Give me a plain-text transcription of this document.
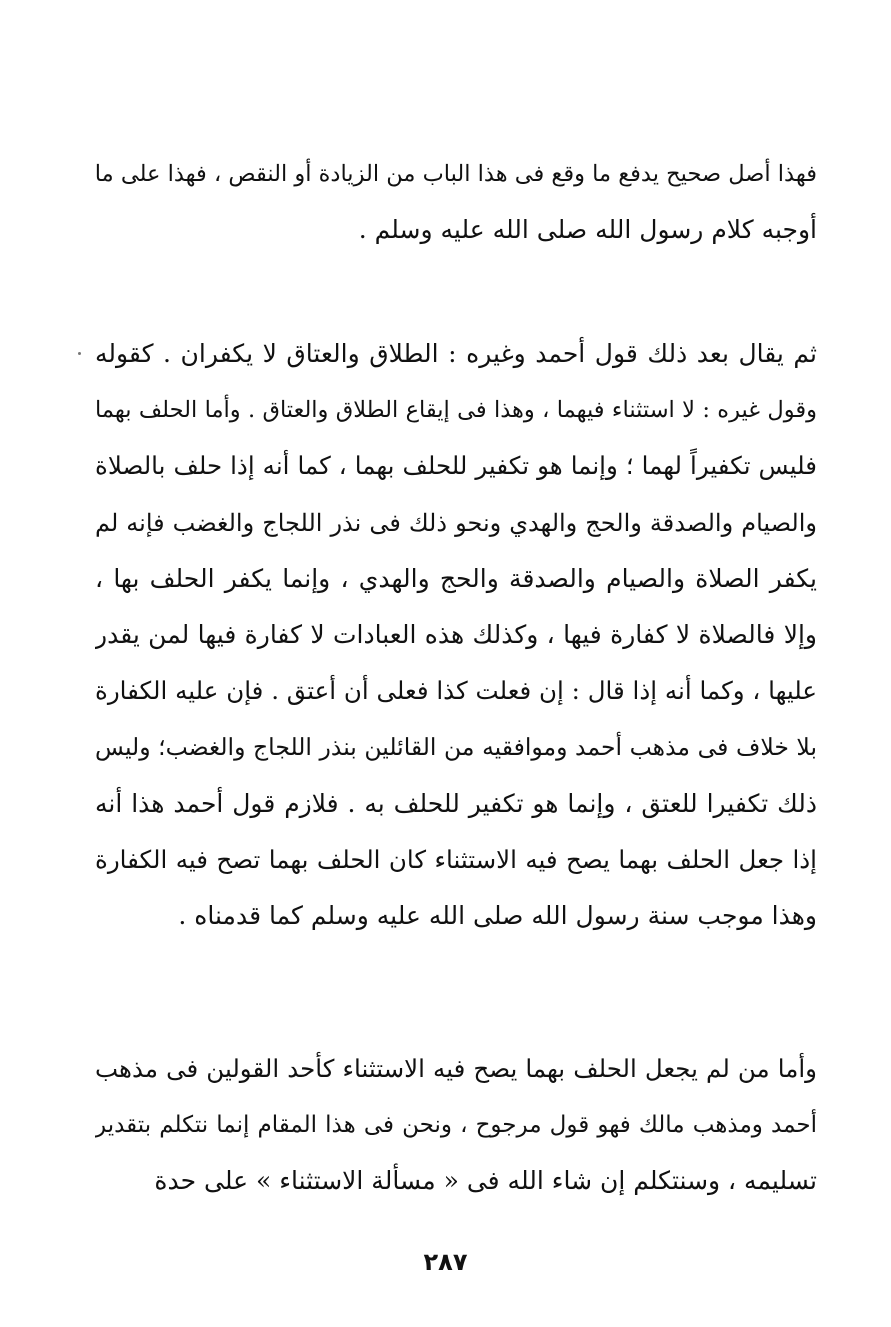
فهذا أصل صحيح يدفع ما وقع فى هذا الباب من الزيادة أو النقص ، فهذا على ما
أوجبه كلام رسول الله صلى الله عليه وسلم .
ثم يقال بعد ذلك قول أحمد وغيره : الطلاق والعتاق لا يكفران . كقوله
وقول غيره : لا استثناء فيهما ، وهذا فى إيقاع الطلاق والعتاق . وأما الحلف بهما
فليس تكفيراً لهما ؛ وإنما هو تكفير للحلف بهما ، كما أنه إذا حلف بالصلاة
والصيام والصدقة والحج والهدي ونحو ذلك فى نذر اللجاج والغضب فإنه لم
يكفر الصلاة والصيام والصدقة والحج والهدي ، وإنما يكفر الحلف بها ،
وإلا فالصلاة لا كفارة فيها ، وكذلك هذه العبادات لا كفارة فيها لمن يقدر
عليها ، وكما أنه إذا قال : إن فعلت كذا فعلى أن أعتق . فإن عليه الكفارة
بلا خلاف فى مذهب أحمد وموافقيه من القائلين بنذر اللجاج والغضب؛ وليس
ذلك تكفيرا للعتق ، وإنما هو تكفير للحلف به . فلازم قول أحمد هذا أنه
إذا جعل الحلف بهما يصح فيه الاستثناء كان الحلف بهما تصح فيه الكفارة
وهذا موجب سنة رسول الله صلى الله عليه وسلم كما قدمناه .
وأما من لم يجعل الحلف بهما يصح فيه الاستثناء كأحد القولين فى مذهب
أحمد ومذهب مالك فهو قول مرجوح ، ونحن فى هذا المقام إنما نتكلم بتقدير
تسليمه ، وسنتكلم إن شاء الله فى « مسألة الاستثناء » على حدة
٢٨٧
